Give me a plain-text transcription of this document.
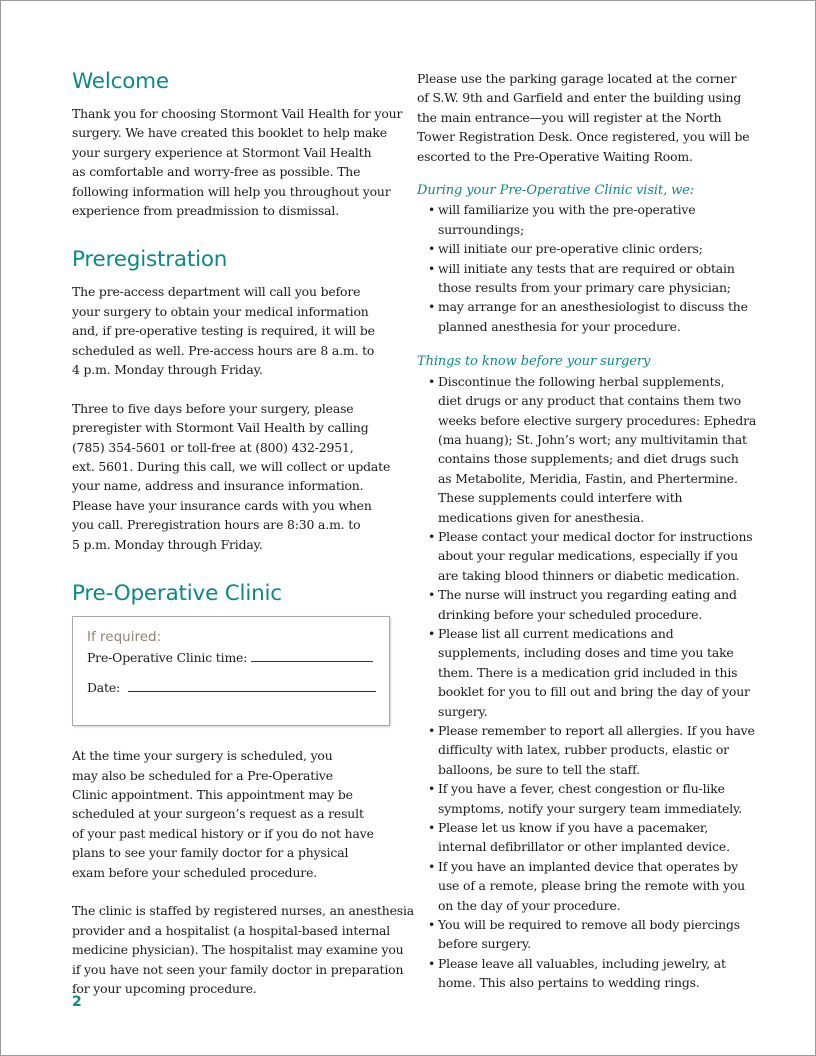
Welcome

Thank you for choosing Stormont Vail Health for your

surgery. We have created this booklet to help make

your surgery experience at Stormont Vail Health

as comfortable and worry-free as possible. The

following information will help you throughout your

experience from preadmission to dismissal.

Preregistration

The pre-access department will call you before

your surgery to obtain your medical information

and, if pre-operative testing is required, it will be

scheduled as well. Pre-access hours are 8 a.m. to

4 p.m. Monday through Friday.

Three to five days before your surgery, please

preregister with Stormont Vail Health by calling

(785) 354-5601 or toll-free at (800) 432-2951,

ext. 5601. During this call, we will collect or update

your name, address and insurance information.

Please have your insurance cards with you when

you call. Preregistration hours are 8:30 a.m. to

5 p.m. Monday through Friday.

Pre-Operative Clinic
If required:
Pre-Operative Clinic time:
Date:

At the time your surgery is scheduled, you

may also be scheduled for a Pre-Operative

Clinic appointment. This appointment may be

scheduled at your surgeon’s request as a result

of your past medical history or if you do not have

plans to see your family doctor for a physical

exam before your scheduled procedure.

The clinic is staffed by registered nurses, an anesthesia

provider and a hospitalist (a hospital-based internal

medicine physician). The hospitalist may examine you

if you have not seen your family doctor in preparation

for your upcoming procedure.

Please use the parking garage located at the corner

of S.W. 9th and Garfield and enter the building using

the main entrance—you will register at the North

Tower Registration Desk. Once registered, you will be

escorted to the Pre-Operative Waiting Room.

During your Pre-Operative Clinic visit, we:
• will familiarize you with the pre-operative
surroundings;
• will initiate our pre-operative clinic orders;
• will initiate any tests that are required or obtain
those results from your primary care physician;
• may arrange for an anesthesiologist to discuss the
planned anesthesia for your procedure.
Things to know before your surgery
• Discontinue the following herbal supplements,
diet drugs or any product that contains them two
weeks before elective surgery procedures: Ephedra
(ma huang); St. John’s wort; any multivitamin that
contains those supplements; and diet drugs such
as Metabolite, Meridia, Fastin, and Phertermine.
These supplements could interfere with
medications given for anesthesia.
• Please contact your medical doctor for instructions
about your regular medications, especially if you
are taking blood thinners or diabetic medication.
• The nurse will instruct you regarding eating and
drinking before your scheduled procedure.
• Please list all current medications and
supplements, including doses and time you take
them. There is a medication grid included in this
booklet for you to fill out and bring the day of your
surgery.
• Please remember to report all allergies. If you have
difficulty with latex, rubber products, elastic or
balloons, be sure to tell the staff.
• If you have a fever, chest congestion or flu-like
symptoms, notify your surgery team immediately.
• Please let us know if you have a pacemaker,
internal defibrillator or other implanted device.
• If you have an implanted device that operates by
use of a remote, please bring the remote with you
on the day of your procedure.
• You will be required to remove all body piercings
before surgery.
• Please leave all valuables, including jewelry, at
home. This also pertains to wedding rings.
2
